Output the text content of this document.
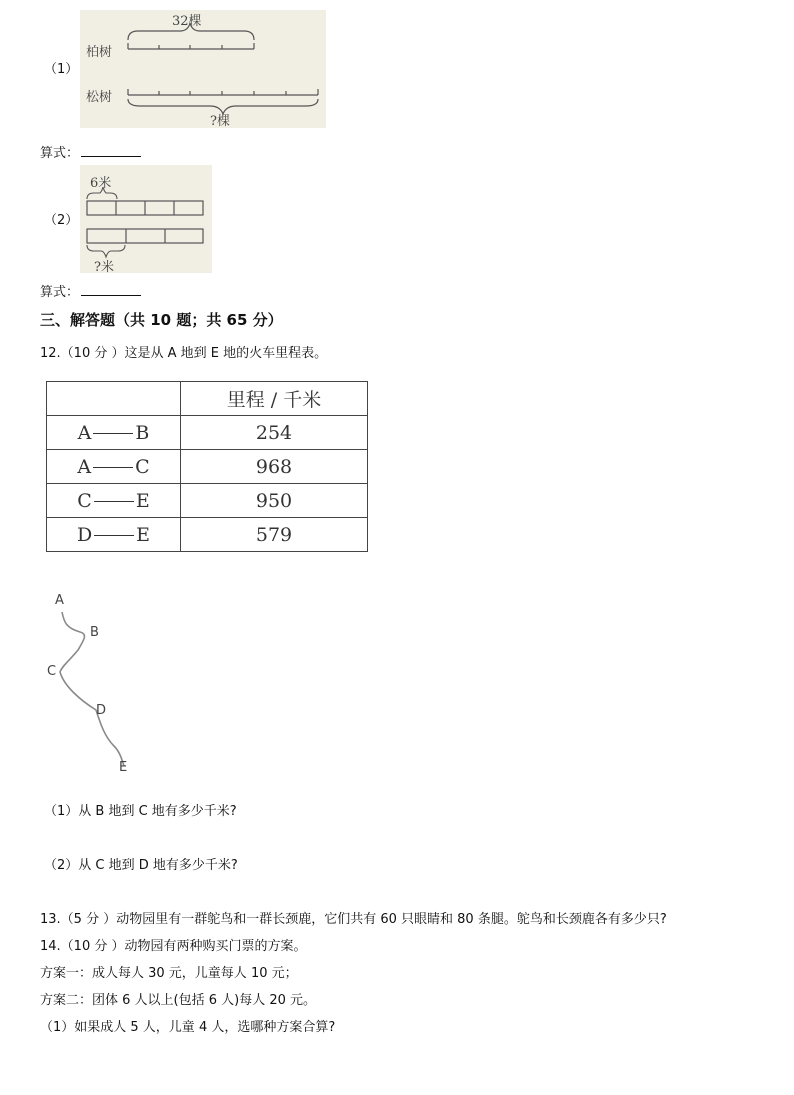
（1）
32棵
柏树
松树
?棵
算式：
（2）
6米
?米
算式：
三、解答题（共 10 题；共 65 分）
12.（10 分 ）这是从 A 地到 E 地的火车里程表。
	里程 / 千米
A B	254
A C	968
C E	950
D E	579
A
B
C
D
E
（1）从 B 地到 C 地有多少千米?
（2）从 C 地到 D 地有多少千米?
13.（5 分 ）动物园里有一群鸵鸟和一群长颈鹿，它们共有 60 只眼睛和 80 条腿。鸵鸟和长颈鹿各有多少只?
14.（10 分 ）动物园有两种购买门票的方案。
方案一：成人每人 30 元，儿童每人 10 元；
方案二：团体 6 人以上(包括 6 人)每人 20 元。
（1）如果成人 5 人，儿童 4 人，选哪种方案合算?
